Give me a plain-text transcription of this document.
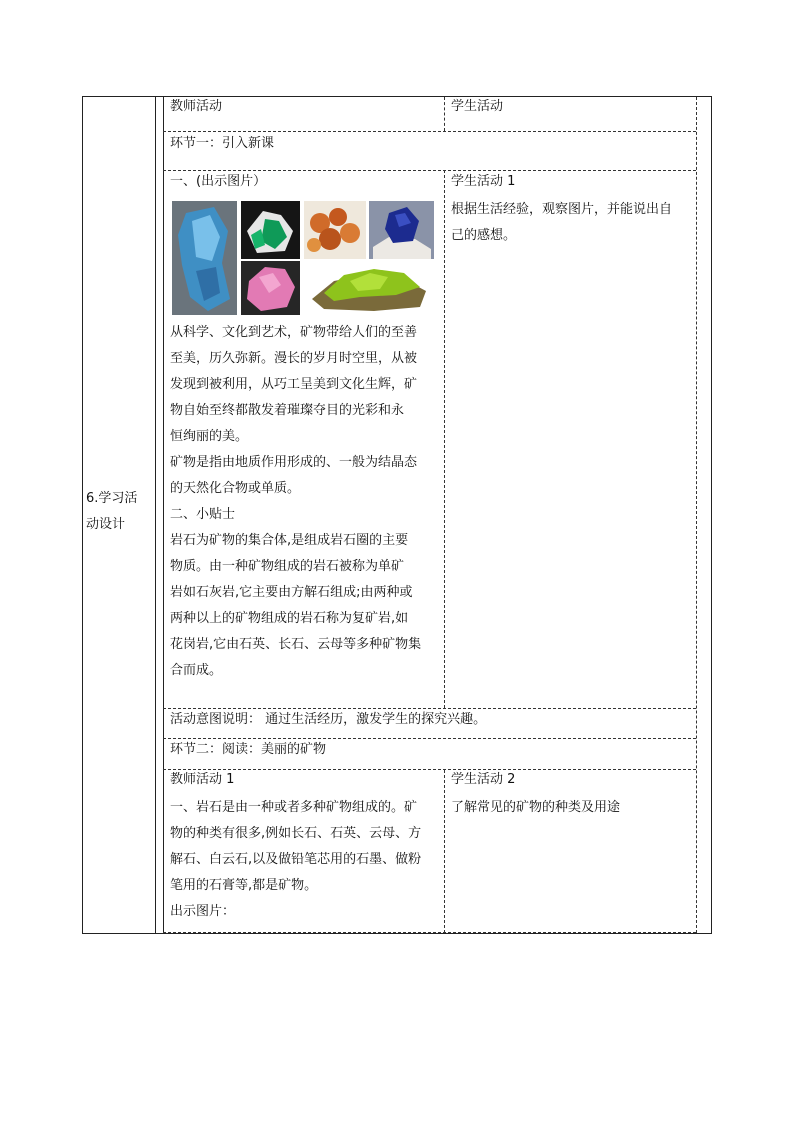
6.学习活
动设计
教师活动	学生活动
环节一：引入新课
一、(出示图片）	学生活动 1
根据生活经验，观察图片，并能说出自
己的感想。
从科学、文化到艺术，矿物带给人们的至善
至美，历久弥新。漫长的岁月时空里，从被
发现到被利用，从巧工呈美到文化生辉，矿
物自始至终都散发着璀璨夺目的光彩和永
恒绚丽的美。
矿物是指由地质作用形成的、一般为结晶态
的天然化合物或单质。
二、小贴士
岩石为矿物的集合体,是组成岩石圈的主要
物质。由一种矿物组成的岩石被称为单矿
岩如石灰岩,它主要由方解石组成;由两种或
两种以上的矿物组成的岩石称为复矿岩,如
花岗岩,它由石英、长石、云母等多种矿物集
合而成。
活动意图说明： 通过生活经历，激发学生的探究兴趣。
环节二：阅读：美丽的矿物
教师活动 1
一、岩石是由一种或者多种矿物组成的。矿
物的种类有很多,例如长石、石英、云母、方
解石、白云石,以及做铅笔芯用的石墨、做粉
笔用的石膏等,都是矿物。
出示图片：
学生活动 2
了解常见的矿物的种类及用途
